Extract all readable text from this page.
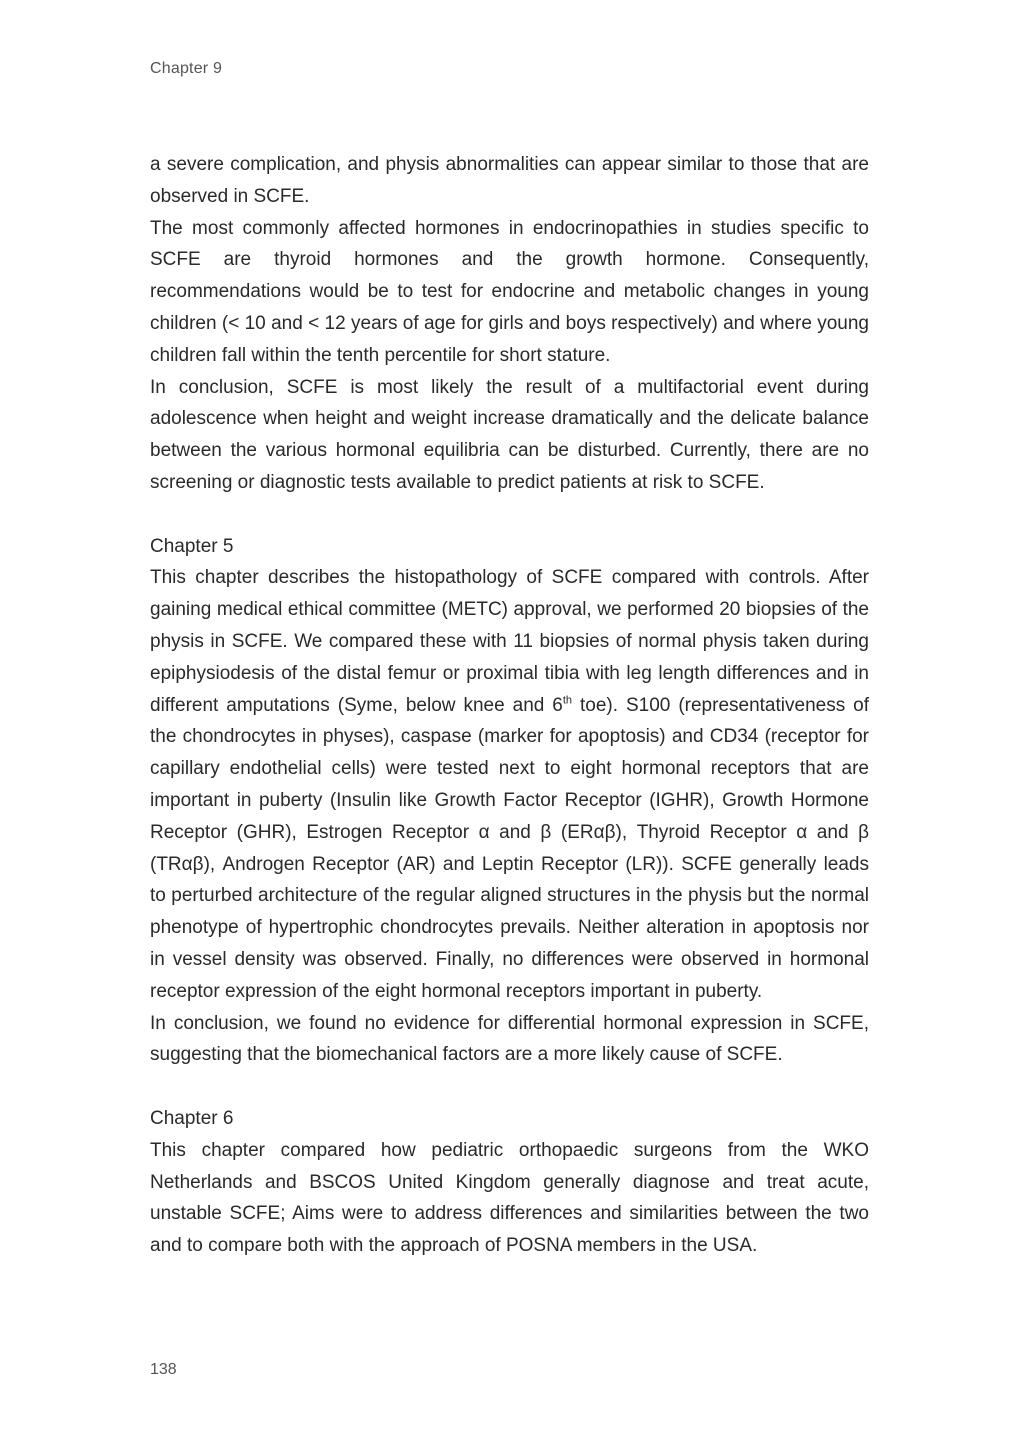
Chapter 9

a severe complication, and physis abnormalities can appear similar to those that are observed in SCFE.

The most commonly affected hormones in endocrinopathies in studies specific to SCFE are thyroid hormones and the growth hormone. Consequently, recommendations would be to test for endocrine and metabolic changes in young children (< 10 and < 12 years of age for girls and boys respectively) and where young children fall within the tenth percentile for short stature.

In conclusion, SCFE is most likely the result of a multifactorial event during adolescence when height and weight increase dramatically and the delicate balance between the various hormonal equilibria can be disturbed. Currently, there are no screening or diagnostic tests available to predict patients at risk to SCFE.

Chapter 5

This chapter describes the histopathology of SCFE compared with controls. After gaining medical ethical committee (METC) approval, we performed 20 biopsies of the physis in SCFE. We compared these with 11 biopsies of normal physis taken during epiphysiodesis of the distal femur or proximal tibia with leg length differences and in different amputations (Syme, below knee and 6th toe). S100 (representativeness of the chondrocytes in physes), caspase (marker for apoptosis) and CD34 (receptor for capillary endothelial cells) were tested next to eight hormonal receptors that are important in puberty (Insulin like Growth Factor Receptor (IGHR), Growth Hormone Receptor (GHR), Estrogen Receptor α and β (ERαβ), Thyroid Receptor α and β (TRαβ), Androgen Receptor (AR) and Leptin Receptor (LR)). SCFE generally leads to perturbed architecture of the regular aligned structures in the physis but the normal phenotype of hypertrophic chondrocytes prevails. Neither alteration in apoptosis nor in vessel density was observed. Finally, no differences were observed in hormonal receptor expression of the eight hormonal receptors important in puberty.

In conclusion, we found no evidence for differential hormonal expression in SCFE, suggesting that the biomechanical factors are a more likely cause of SCFE.

Chapter 6

This chapter compared how pediatric orthopaedic surgeons from the WKO Netherlands and BSCOS United Kingdom generally diagnose and treat acute, unstable SCFE; Aims were to address differences and similarities between the two and to compare both with the approach of POSNA members in the USA.

138
